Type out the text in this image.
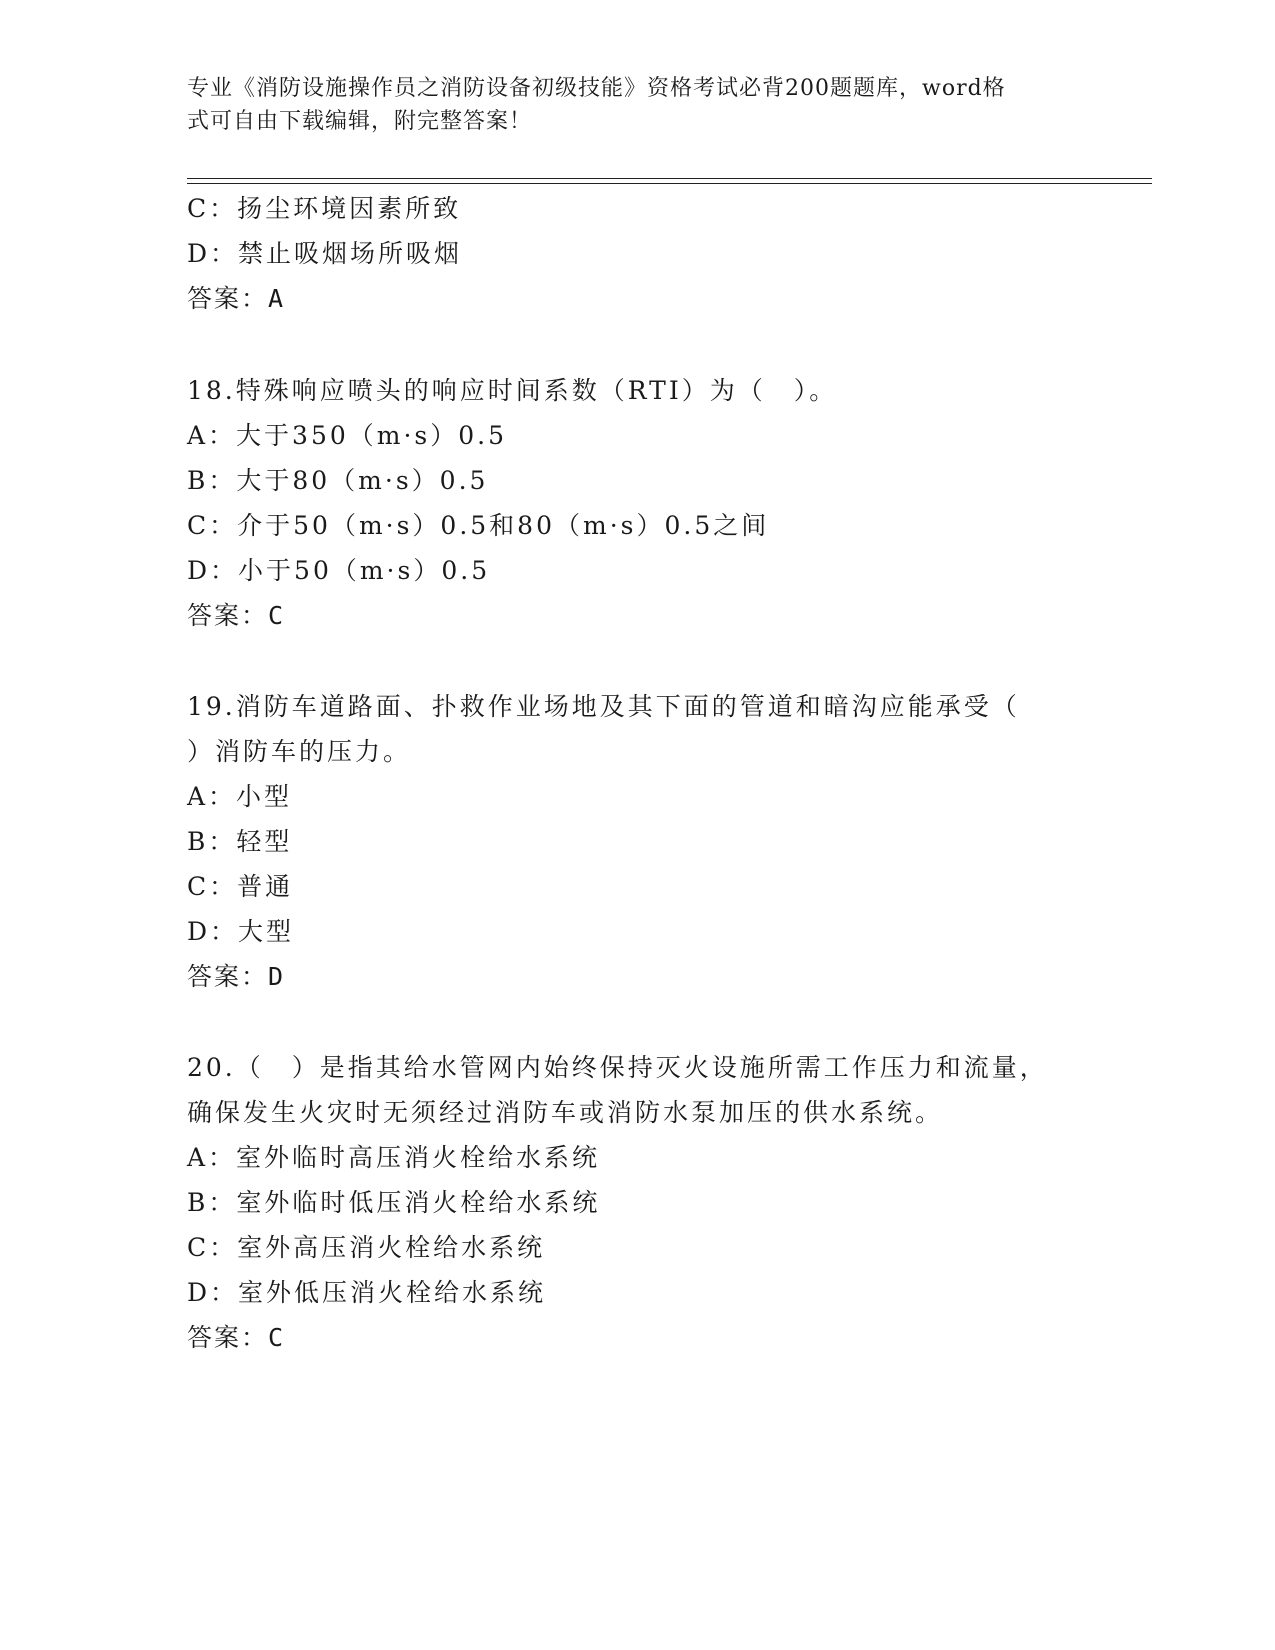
专业《消防设施操作员之消防设备初级技能》资格考试必背200题题库，word格
式可自由下载编辑，附完整答案！
C：扬尘环境因素所致
D：禁止吸烟场所吸烟
答案：A
18.特殊响应喷头的响应时间系数（RTI）为（　）。
A：大于350（m·s）0.5
B：大于80（m·s）0.5
C：介于50（m·s）0.5和80（m·s）0.5之间
D：小于50（m·s）0.5
答案：C
19.消防车道路面、扑救作业场地及其下面的管道和暗沟应能承受（
）消防车的压力。
A：小型
B：轻型
C：普通
D：大型
答案：D
20.（　）是指其给水管网内始终保持灭火设施所需工作压力和流量，
确保发生火灾时无须经过消防车或消防水泵加压的供水系统。
A：室外临时高压消火栓给水系统
B：室外临时低压消火栓给水系统
C：室外高压消火栓给水系统
D：室外低压消火栓给水系统
答案：C
